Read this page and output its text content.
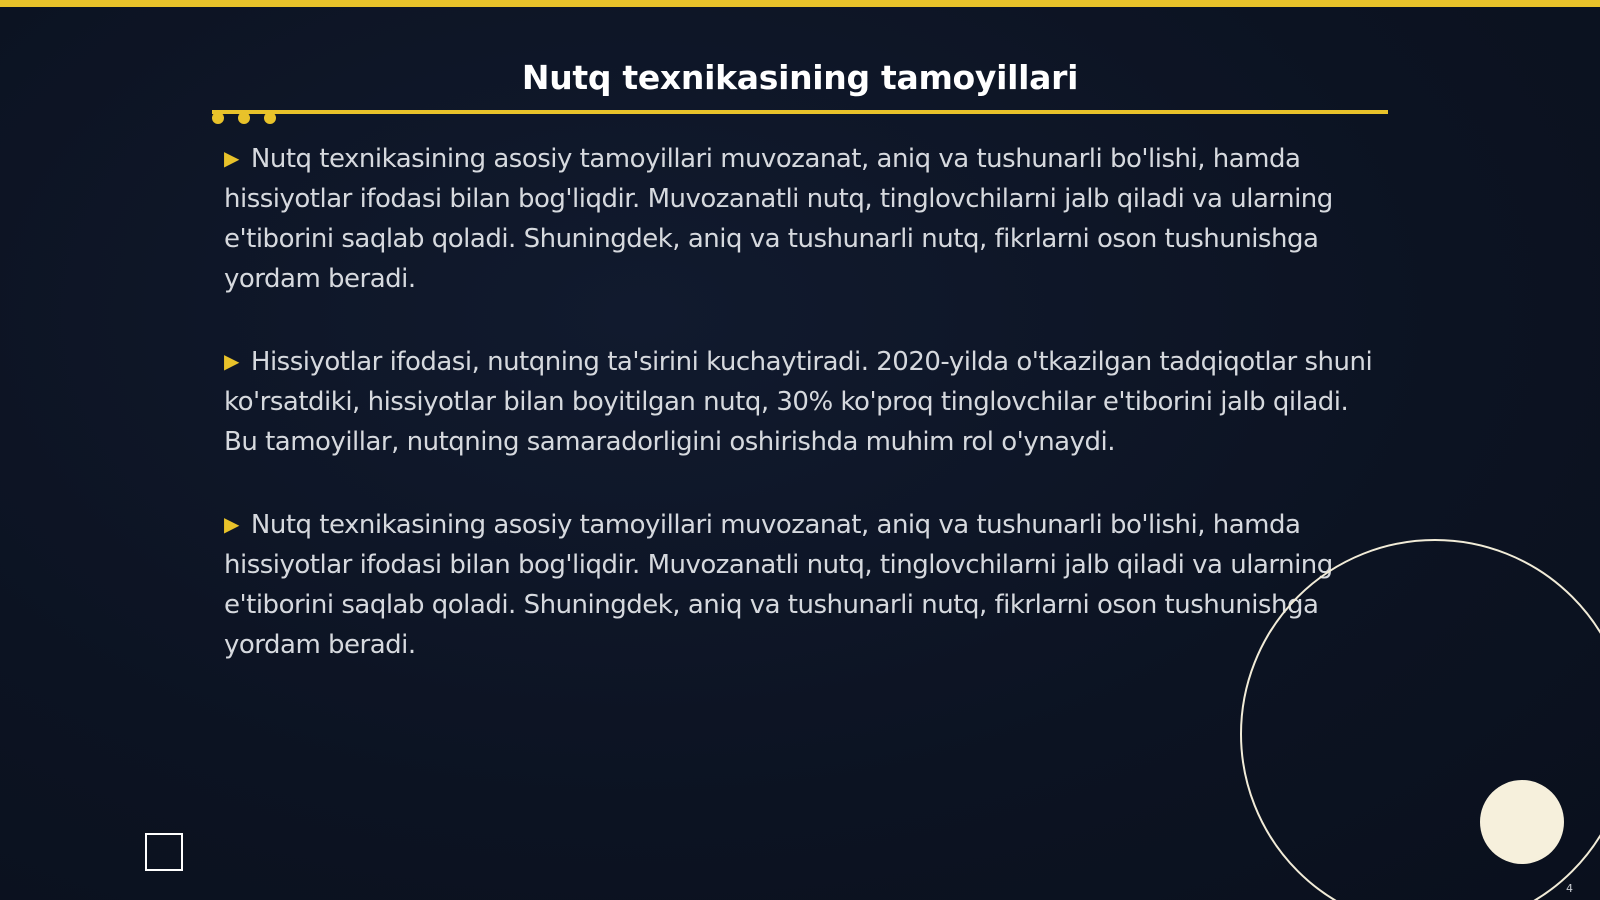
Nutq texnikasining tamoyillari

▶ Nutq texnikasining asosiy tamoyillari muvozanat, aniq va tushunarli bo'lishi, hamda hissiyotlar ifodasi bilan bog'liqdir. Muvozanatli nutq, tinglovchilarni jalb qiladi va ularning e'tiborini saqlab qoladi. Shuningdek, aniq va tushunarli nutq, fikrlarni oson tushunishga yordam beradi.

▶ Hissiyotlar ifodasi, nutqning ta'sirini kuchaytiradi. 2020-yilda o'tkazilgan tadqiqotlar shuni ko'rsatdiki, hissiyotlar bilan boyitilgan nutq, 30% ko'proq tinglovchilar e'tiborini jalb qiladi. Bu tamoyillar, nutqning samaradorligini oshirishda muhim rol o'ynaydi.

▶ Nutq texnikasining asosiy tamoyillari muvozanat, aniq va tushunarli bo'lishi, hamda hissiyotlar ifodasi bilan bog'liqdir. Muvozanatli nutq, tinglovchilarni jalb qiladi va ularning e'tiborini saqlab qoladi. Shuningdek, aniq va tushunarli nutq, fikrlarni oson tushunishga yordam beradi.

4
